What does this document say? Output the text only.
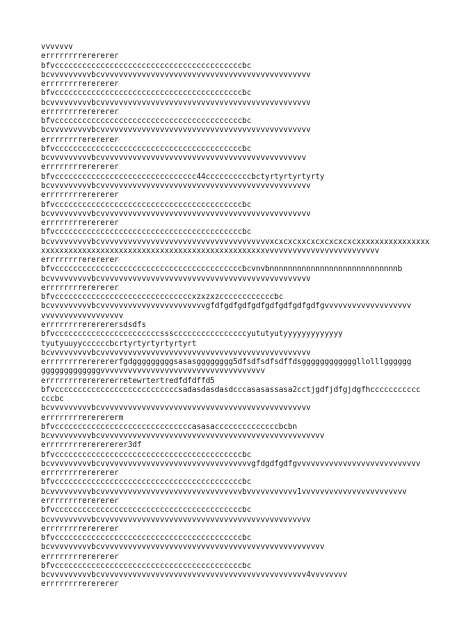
vvvvvvv
errrrrrrrerererer
bfvcccccccccccccccccccccccccccccccccccccccccbc
bcvvvvvvvvvbcvvvvvvvvvvvvvvvvvvvvvvvvvvvvvvvvvvvvvvvvvvvvvv
errrrrrrrerererer
bfvcccccccccccccccccccccccccccccccccccccccccbc
bcvvvvvvvvvbcvvvvvvvvvvvvvvvvvvvvvvvvvvvvvvvvvvvvvvvvvvvvvv
errrrrrrrerererer
bfvcccccccccccccccccccccccccccccccccccccccccbc
bcvvvvvvvvvbcvvvvvvvvvvvvvvvvvvvvvvvvvvvvvvvvvvvvvvvvvvvvvv
errrrrrrrerererer
bfvcccccccccccccccccccccccccccccccccccccccccbc
bcvvvvvvvvvbcvvvvvvvvvvvvvvvvvvvvvvvvvvvvvvvvvvvvvvvvvvvvv
errrrrrrrerererer
bfvccccccccccccccccccccccccccccccc44ccccccccccbctyrtyrtyrtyrty
bcvvvvvvvvvbcvvvvvvvvvvvvvvvvvvvvvvvvvvvvvvvvvvvvvvvvvvvvvv
errrrrrrrerererer
bfvcccccccccccccccccccccccccccccccccccccccccbc
bcvvvvvvvvvbcvvvvvvvvvvvvvvvvvvvvvvvvvvvvvvvvvvvvvvvvvvvvvv
errrrrrrrerererer
bfvcccccccccccccccccccccccccccccccccccccccccbc
bcvvvvvvvvvbcvvvvvvvvvvvvvvvvvvvvvvvvvvvvvvvvvvvvvxcxcxcxxcxcxcxcxcxcxxxxxxxxxxxxxxxx
xxxxxxxxxxxxxxxxxxxxxxxxxxxxxxxxxxxxxxxxxxxxxxxxxvvvvvvvvvvvvvvvvvvvvvvvvv
errrrrrrrerererer
bfvcccccccccccccccccccccccccccccccccccccccccbcvnvbnnnnnnnnnnnnnnnnnnnnnnnnnnnnb
bcvvvvvvvvvbcvvvvvvvvvvvvvvvvvvvvvvvvvvvvvvvvvvvvvvvvvvvvvv
errrrrrrrerererer
bfvccccccccccccccccccccccccccccccxzxzxzccccccccccccbc
bcvvvvvvvvvbcvvvvvvvvvvvvvvvvvvvvvvvgfdfgdfgdfgdfgdfgdfgdfgdfgvvvvvvvvvvvvvvvvvvv
vvvvvvvvvvvvvvvvvv
errrrrrrrerererersdsdfs
bfvcccccccccccccccccccccccsssccccccccccccccccyututyutyyyyyyyyyyyyy
tyutyuuyyccccccbcrtyrtyrtyrtyrtyrt
bcvvvvvvvvvbcvvvvvvvvvvvvvvvvvvvvvvvvvvvvvvvvvvvvvvvvvvvvvv
errrrrrrrererererfgdgggggggggsasasgggggggg5dfsdfsdfsdffdsggggggggggggllolllgggggg
gggggggggggggvvvvvvvvvvvvvvvvvvvvvvvvvvvvvvvvvvvv
errrrrrrrererererretewrtertredfdfdffd5
bfvcccccccccccccccccccccccccccsadasdasdasdcccasasassasa2cctjgdfjdfgjdgfhccccccccccc
cccbc
bcvvvvvvvvvbcvvvvvvvvvvvvvvvvvvvvvvvvvvvvvvvvvvvvvvvvvvvvvv
errrrrrrrererererm
bfvccccccccccccccccccccccccccccccasasaccccccccccccccbcbn
bcvvvvvvvvvbcvvvvvvvvvvvvvvvvvvvvvvvvvvvvvvvvvvvvvvvvvvvvvvvvv
errrrrrrrererererer3df
bfvcccccccccccccccccccccccccccccccccccccccccbc
bcvvvvvvvvvbcvvvvvvvvvvvvvvvvvvvvvvvvvvvvvvvvvgfdgdfgdfgvvvvvvvvvvvvvvvvvvvvvvvvvvv
errrrrrrrerererer
bfvcccccccccccccccccccccccccccccccccccccccccbc
bcvvvvvvvvvbcvvvvvvvvvvvvvvvvvvvvvvvvvvvvvvvbvvvvvvvvvvv1vvvvvvvvvvvvvvvvvvvvvvv
errrrrrrrerererer
bfvcccccccccccccccccccccccccccccccccccccccccbc
bcvvvvvvvvvbcvvvvvvvvvvvvvvvvvvvvvvvvvvvvvvvvvvvvvvvvvvvvvv
errrrrrrrerererer
bfvcccccccccccccccccccccccccccccccccccccccccbc
bcvvvvvvvvvbcvvvvvvvvvvvvvvvvvvvvvvvvvvvvvvvvvvvvvvvvvvvvvvvvv
errrrrrrrerererer
bfvcccccccccccccccccccccccccccccccccccccccccbc
bcvvvvvvvvvbcvvvvvvvvvvvvvvvvvvvvvvvvvvvvvvvvvvvvvvvvvvvvv4vvvvvvvv
errrrrrrrerererer
